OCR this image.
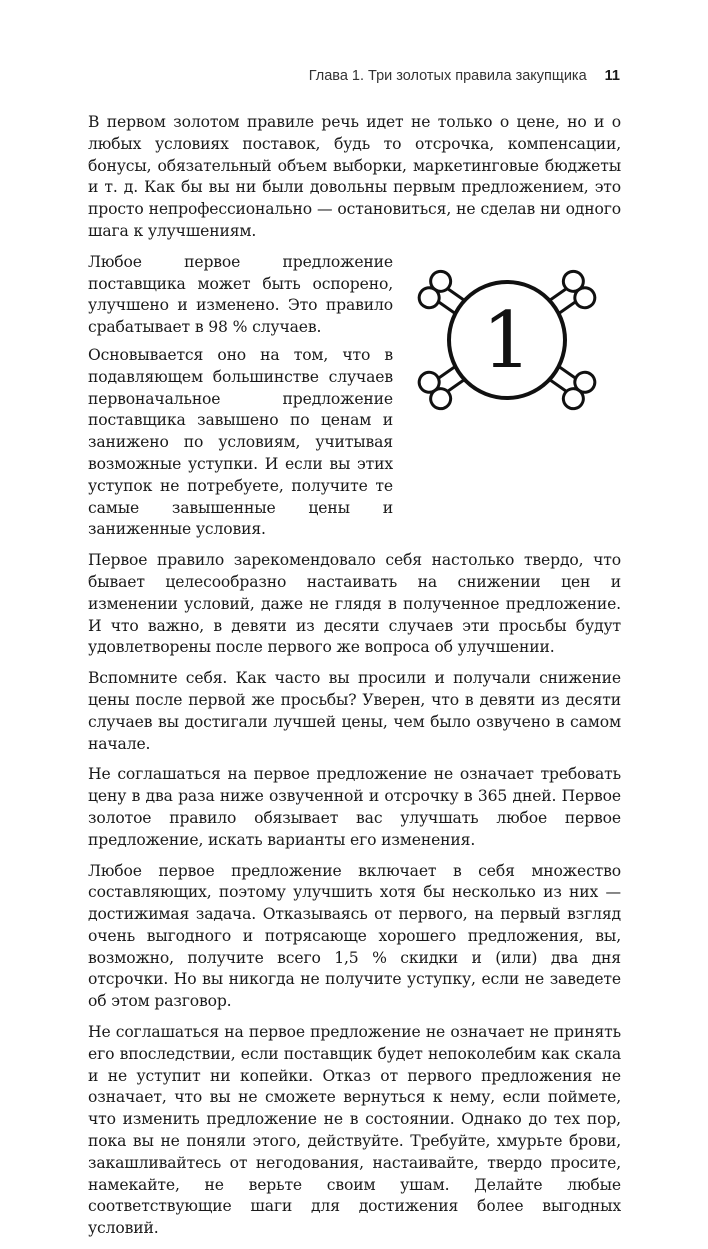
Глава 1. Три золотых правила закупщика 11

В первом золотом правиле речь идет не только о цене, но и о любых условиях поставок, будь то отсрочка, компенсации, бонусы, обязательный объем выборки, маркетинговые бюджеты и т. д. Как бы вы ни были довольны первым предложением, это просто непрофессионально — остановиться, не сделав ни одного шага к улучшениям.

Любое первое предложение поставщика может быть оспорено, улучшено и изменено. Это правило срабатывает в 98 % случаев.

Основывается оно на том, что в подавляющем большинстве случаев первоначальное предложение поставщика завышено по ценам и занижено по условиям, учитывая возможные уступки. И если вы этих уступок не потребуете, получите те самые завышенные цены и заниженные условия.

1

Первое правило зарекомендовало себя настолько твердо, что бывает целесообразно настаивать на снижении цен и изменении условий, даже не глядя в полученное предложение. И что важно, в девяти из десяти случаев эти просьбы будут удовлетворены после первого же вопроса об улучшении.

Вспомните себя. Как часто вы просили и получали снижение цены после первой же просьбы? Уверен, что в девяти из десяти случаев вы достигали лучшей цены, чем было озвучено в самом начале.

Не соглашаться на первое предложение не означает требовать цену в два раза ниже озвученной и отсрочку в 365 дней. Первое золотое правило обязывает вас улучшать любое первое предложение, искать варианты его изменения.

Любое первое предложение включает в себя множество составляющих, поэтому улучшить хотя бы несколько из них — достижимая задача. Отказываясь от первого, на первый взгляд очень выгодного и потрясающе хорошего предложения, вы, возможно, получите всего 1,5 % скидки и (или) два дня отсрочки. Но вы никогда не получите уступку, если не заведете об этом разговор.

Не соглашаться на первое предложение не означает не принять его впоследствии, если поставщик будет непоколебим как скала и не уступит ни копейки. Отказ от первого предложения не означает, что вы не сможете вернуться к нему, если поймете, что изменить предложение не в состоянии. Однако до тех пор, пока вы не поняли этого, действуйте. Требуйте, хмурьте брови, закашливайтесь от негодования, настаивайте, твердо просите, намекайте, не верьте своим ушам. Делайте любые соответствующие шаги для достижения более выгодных условий.
